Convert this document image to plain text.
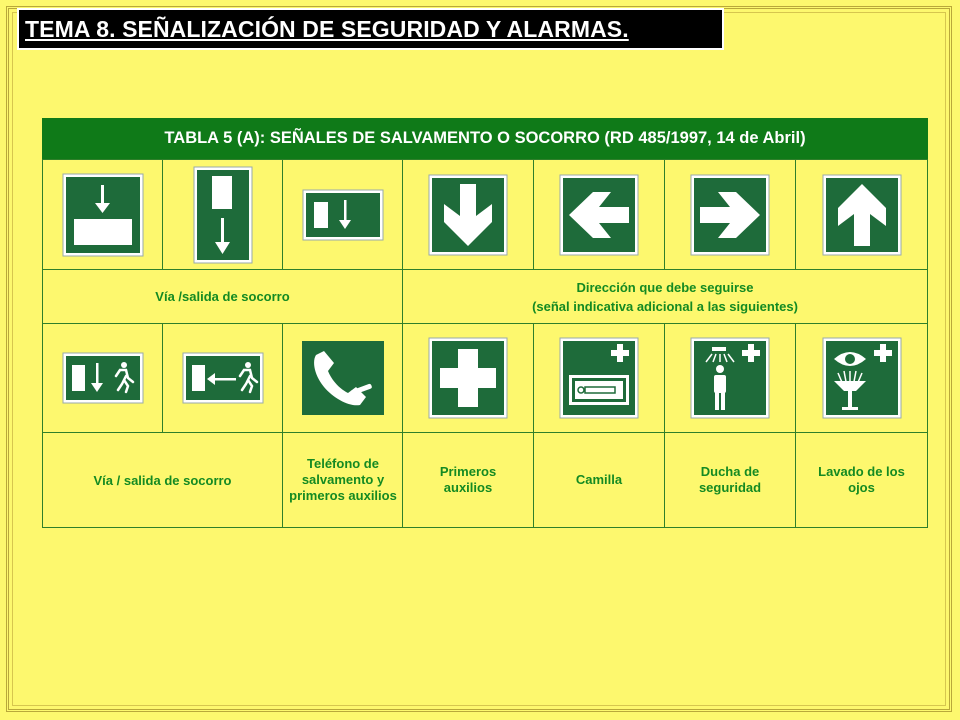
TEMA 8. SEÑALIZACIÓN DE SEGURIDAD Y ALARMAS.
TABLA 5 (A): SEÑALES DE SALVAMENTO O SOCORRO (RD 485/1997, 14 de Abril)
Vía /salida de socorro
Dirección que debe seguirse
(señal indicativa adicional a las siguientes)
Vía / salida de socorro
Teléfono de salvamento y primeros auxilios
Primeros auxilios
Camilla
Ducha de seguridad
Lavado de los ojos
